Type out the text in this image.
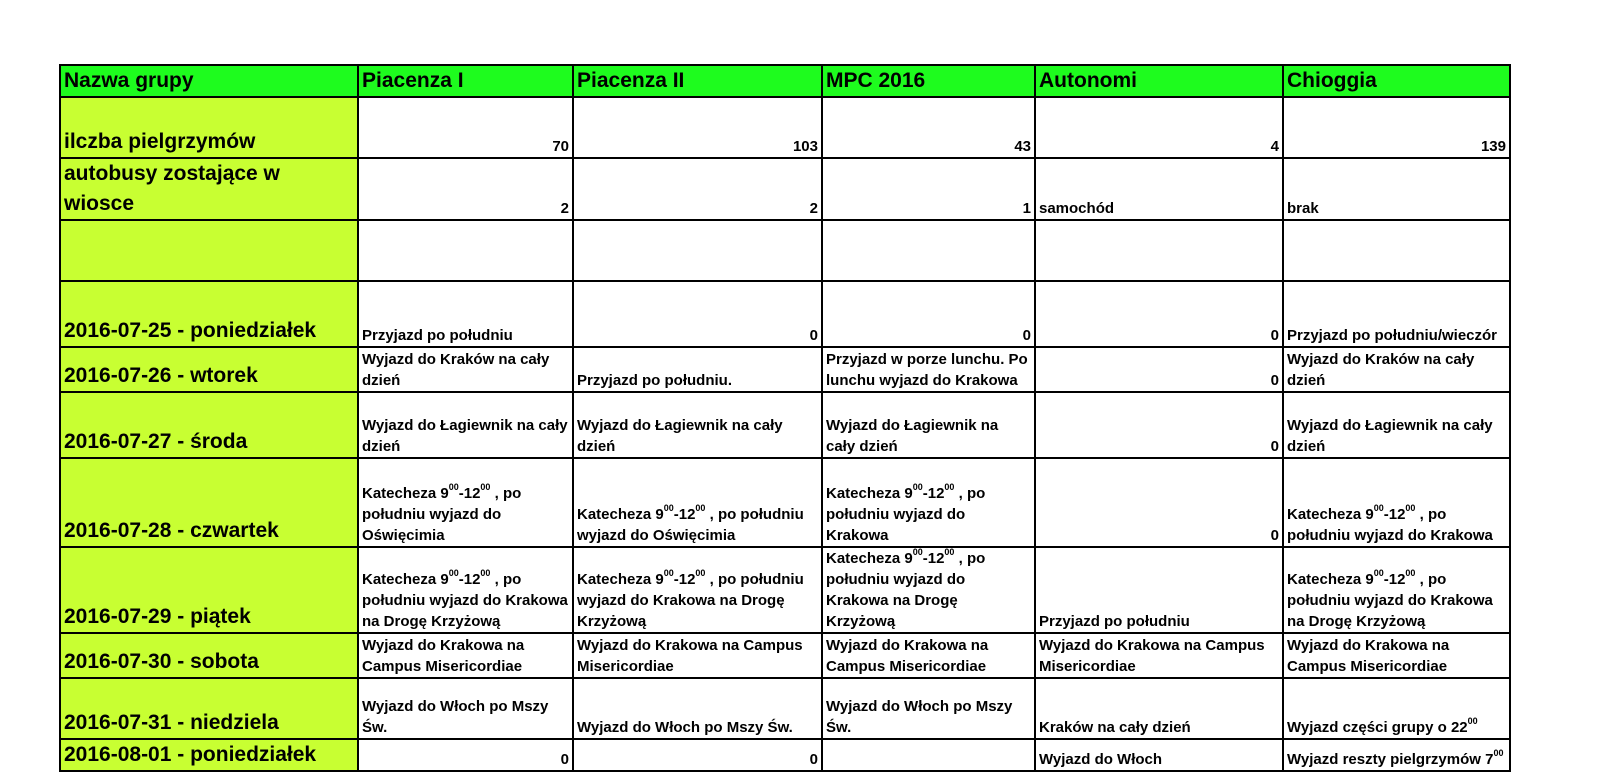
Nazwa grupy	Piacenza I	Piacenza II	MPC 2016	Autonomi	Chioggia
ilczba pielgrzymów	70	103	43	4	139
autobusy zostające w wiosce	2	2	1	samochód	brak

2016-07-25 - poniedziałek	Przyjazd po południu	0	0	0	Przyjazd po południu/wieczór
2016-07-26 - wtorek	Wyjazd do Kraków na cały dzień	Przyjazd po południu.	Przyjazd w porze lunchu. Po lunchu wyjazd do Krakowa	0	Wyjazd do Kraków na cały dzień
2016-07-27 - środa	Wyjazd do Łagiewnik na cały dzień	Wyjazd do Łagiewnik na cały dzień	Wyjazd do Łagiewnik na cały dzień	0	Wyjazd do Łagiewnik na cały dzień
2016-07-28 - czwartek	Katecheza $9^{00}-12^{00}$ , po południu wyjazd do Oświęcimia	Katecheza $9^{00}-12^{00}$ , po południu wyjazd do Oświęcimia	Katecheza $9^{00}-12^{00}$ , po południu wyjazd do Krakowa	0	Katecheza $9^{00}-12^{00}$ , po południu wyjazd do Krakowa
2016-07-29 - piątek	Katecheza $9^{00}-12^{00}$ , po południu wyjazd do Krakowa na Drogę Krzyżową	Katecheza $9^{00}-12^{00}$ , po południu wyjazd do Krakowa na Drogę Krzyżową	Katecheza $9^{00}-12^{00}$ , po południu wyjazd do Krakowa na Drogę Krzyżową	Przyjazd po południu	Katecheza $9^{00}-12^{00}$ , po południu wyjazd do Krakowa na Drogę Krzyżową
2016-07-30 - sobota	Wyjazd do Krakowa na Campus Misericordiae	Wyjazd do Krakowa na Campus Misericordiae	Wyjazd do Krakowa na Campus Misericordiae	Wyjazd do Krakowa na Campus Misericordiae	Wyjazd do Krakowa na Campus Misericordiae
2016-07-31 - niedziela	Wyjazd do Włoch po Mszy Św.	Wyjazd do Włoch po Mszy Św.	Wyjazd do Włoch po Mszy Św.	Kraków na cały dzień	Wyjazd części grupy o $22^{00}$
2016-08-01 - poniedziałek	0	0		Wyjazd do Włoch	Wyjazd reszty pielgrzymów $7^{00}$
